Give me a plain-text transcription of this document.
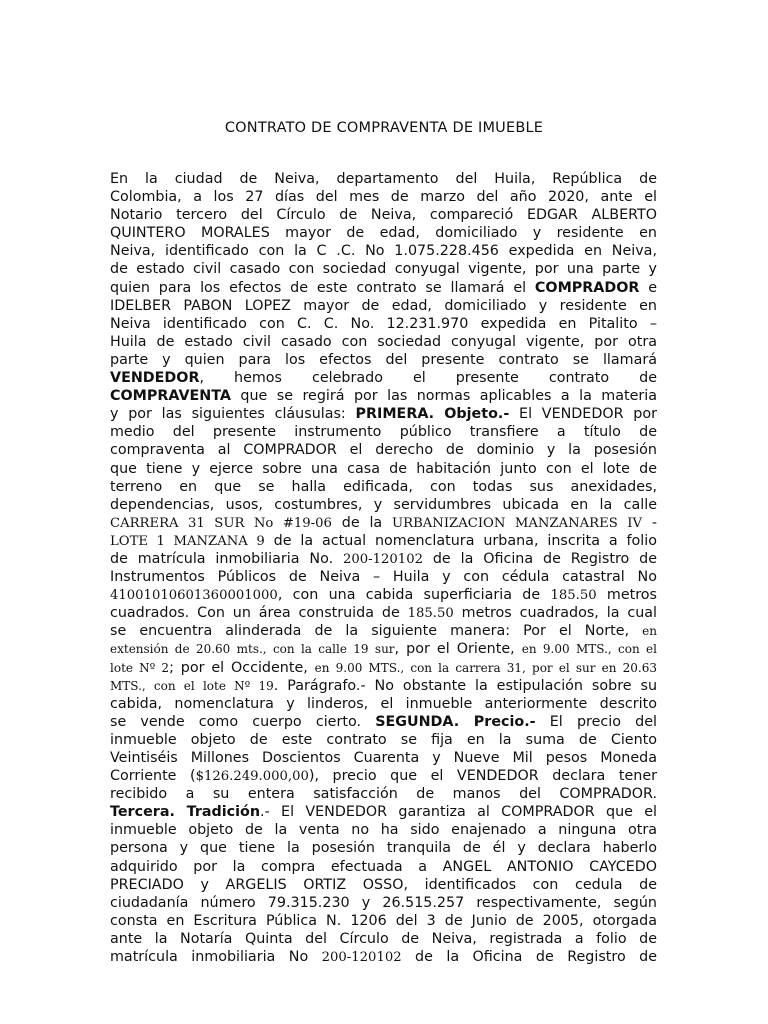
CONTRATO DE COMPRAVENTA DE IMUEBLE
En la ciudad de Neiva, departamento del Huila, República de
Colombia, a los 27 días del mes de marzo del año 2020, ante el
Notario tercero del Círculo de Neiva, compareció EDGAR ALBERTO
QUINTERO MORALES mayor de edad, domiciliado y residente en
Neiva, identificado con la C .C. No 1.075.228.456 expedida en Neiva,
de estado civil casado con sociedad conyugal vigente, por una parte y
quien para los efectos de este contrato se llamará el COMPRADOR e
IDELBER PABON LOPEZ mayor de edad, domiciliado y residente en
Neiva identificado con C. C. No. 12.231.970 expedida en Pitalito –
Huila de estado civil casado con sociedad conyugal vigente, por otra
parte y quien para los efectos del presente contrato se llamará
VENDEDOR, hemos celebrado el presente contrato de
COMPRAVENTA que se regirá por las normas aplicables a la materia
y por las siguientes cláusulas: PRIMERA. Objeto.- El VENDEDOR por
medio del presente instrumento público transfiere a título de
compraventa al COMPRADOR el derecho de dominio y la posesión
que tiene y ejerce sobre una casa de habitación junto con el lote de
terreno en que se halla edificada, con todas sus anexidades,
dependencias, usos, costumbres, y servidumbres ubicada en la calle
CARRERA 31 SUR No #19-06 de la URBANIZACION MANZANARES IV -
LOTE 1 MANZANA 9 de la actual nomenclatura urbana, inscrita a folio
de matrícula inmobiliaria No. 200-120102 de la Oficina de Registro de
Instrumentos Públicos de Neiva – Huila y con cédula catastral No
41001010601360001000, con una cabida superficiaria de 185.50 metros
cuadrados. Con un área construida de 185.50 metros cuadrados, la cual
se encuentra alinderada de la siguiente manera: Por el Norte, en
extensión de 20.60 mts., con la calle 19 sur, por el Oriente, en 9.00 MTS., con el
lote Nº 2; por el Occidente, en 9.00 MTS., con la carrera 31, por el sur en 20.63
MTS., con el lote Nº 19. Parágrafo.- No obstante la estipulación sobre su
cabida, nomenclatura y linderos, el inmueble anteriormente descrito
se vende como cuerpo cierto. SEGUNDA. Precio.- El precio del
inmueble objeto de este contrato se fija en la suma de Ciento
Veintiséis Millones Doscientos Cuarenta y Nueve Mil pesos Moneda
Corriente ($126.249.000,00), precio que el VENDEDOR declara tener
recibido a su entera satisfacción de manos del COMPRADOR.
Tercera. Tradición.- El VENDEDOR garantiza al COMPRADOR que el
inmueble objeto de la venta no ha sido enajenado a ninguna otra
persona y que tiene la posesión tranquila de él y declara haberlo
adquirido por la compra efectuada a ANGEL ANTONIO CAYCEDO
PRECIADO y ARGELIS ORTIZ OSSO, identificados con cedula de
ciudadanía número 79.315.230 y 26.515.257 respectivamente, según
consta en Escritura Pública N. 1206 del 3 de Junio de 2005, otorgada
ante la Notaría Quinta del Círculo de Neiva, registrada a folio de
matrícula inmobiliaria No 200-120102 de la Oficina de Registro de
